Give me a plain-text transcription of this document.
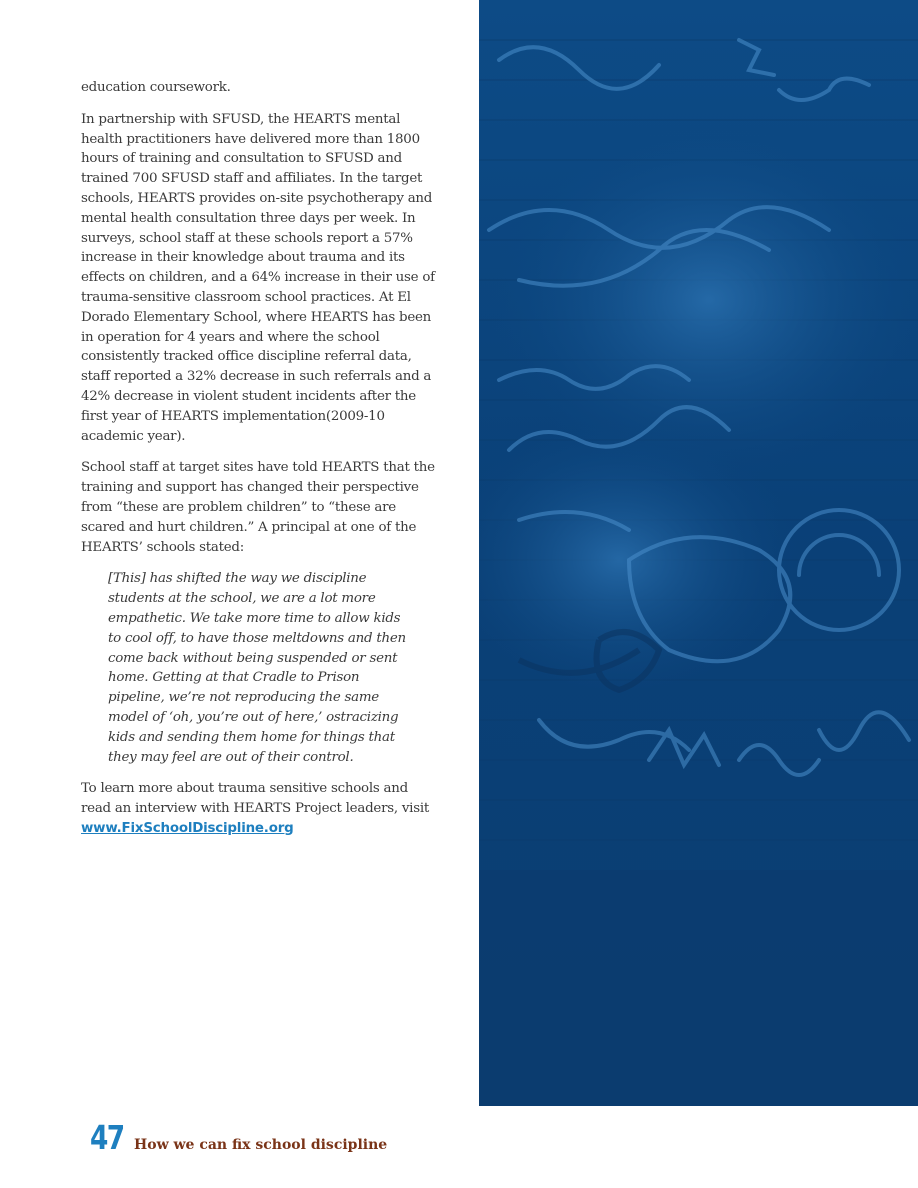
education coursework.

In partnership with SFUSD, the HEARTS mental health practitioners have delivered more than 1800 hours of training and consultation to SFUSD and trained 700 SFUSD staff and affiliates. In the target schools, HEARTS provides on-site psychotherapy and mental health consultation three days per week. In surveys, school staff at these schools report a 57% increase in their knowledge about trauma and its effects on children, and a 64% increase in their use of trauma-sensitive classroom school practices. At El Dorado Elementary School, where HEARTS has been in operation for 4 years and where the school consistently tracked office discipline referral data, staff reported a 32% decrease in such referrals and a 42% decrease in violent student incidents after the first year of HEARTS implementation(2009-10 academic year).

School staff at target sites have told HEARTS that the training and support has changed their perspective from “these are problem children” to “these are scared and hurt children.” A principal at one of the HEARTS’ schools stated:

[This] has shifted the way we discipline students at the school, we are a lot more empathetic. We take more time to allow kids to cool off, to have those meltdowns and then come back without being suspended or sent home. Getting at that Cradle to Prison pipeline, we’re not reproducing the same model of ‘oh, you’re out of here,’ ostracizing kids and sending them home for things that they may feel are out of their control.

To learn more about trauma sensitive schools and read an interview with HEARTS Project leaders, visit
www.FixSchoolDiscipline.org

47 How we can fix school discipline
